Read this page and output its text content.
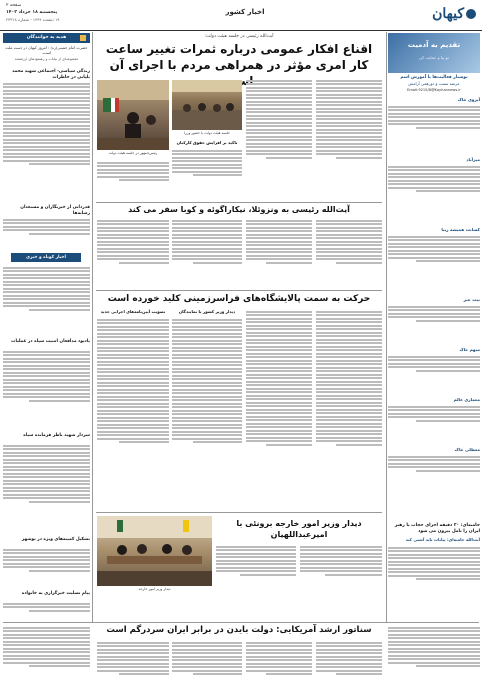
کیهان
اخبار کشور
صفحه ۲
پنجشنبه ۱۸ خرداد ۱۴۰۲
۱۹ ذیقعده ۱۴۴۴ - شماره ۲۳۳۱۸
تقدیم به آدمیت
تو بیا و حمایت کن
نوشتار فعالیت‌ها با آموزش اسم
عرضه سمت و دورهمی آرامش
Email:9215/8@Kayhannews.ir
آیروی خاک
میرآباد
کسانت همیشه زیبا
بیت خبر
مبهم خاک
معماری عالم
معطلی خاک
خامنه‌ای: ۲۰ دقیقه اجرای حجاب با رهبر ایران را تامل بیرون می شود
آیت‌الله خامنه‌ای: بیانات باید آشتی کند
هدیه به خوانندگان
حضرت امام خمینی(ره) : امروز کیهان در دست ملت است.
مجموعه‌ای از بیانات و رهنمودهای ارزشمند
زندگی سیاسی- اجتماعی شهید محمد بلیانی در خاطرات
قدردانی از خبرنگاران و مستعدان رسانه‌ها
اخبار کوتاه و خبری
یادبود مدافعان امنیت سپاه در عملیات
سردار شهید ناظر فرمانده سپاه
تشکیل کمیته‌های ویژه در بوشهر
پیام تسلیت خبرگزاری به خانواده
آیت‌الله رئیسی در جلسه هیئت دولت:
اقناع افکار عمومی درباره ثمرات تغییر ساعت کار امری مؤثر در همراهی مردم با اجرای آن
رئیس‌جمهور در جلسه هیئت دولت
جلسه هیئت دولت با حضور وزرا
تاکید بر افزایش حقوق کارکنان
آیت‌الله رئیسی به ونزوئلا، نیکاراگوئه و کوبا سفر می کند
حرکت به سمت پالایشگاه‌های فراسرزمینی کلید خورده است
دیدار وزیر کشور با نمایندگان
تصویب آیین‌نامه‌های اجرایی جدید
دیدار وزیر امور خارجه
دیدار وزیر امور خارجه برونئی با امیرعبداللهیان
سناتور ارشد آمریکایی: دولت بایدن در برابر ایران سردرگم است
